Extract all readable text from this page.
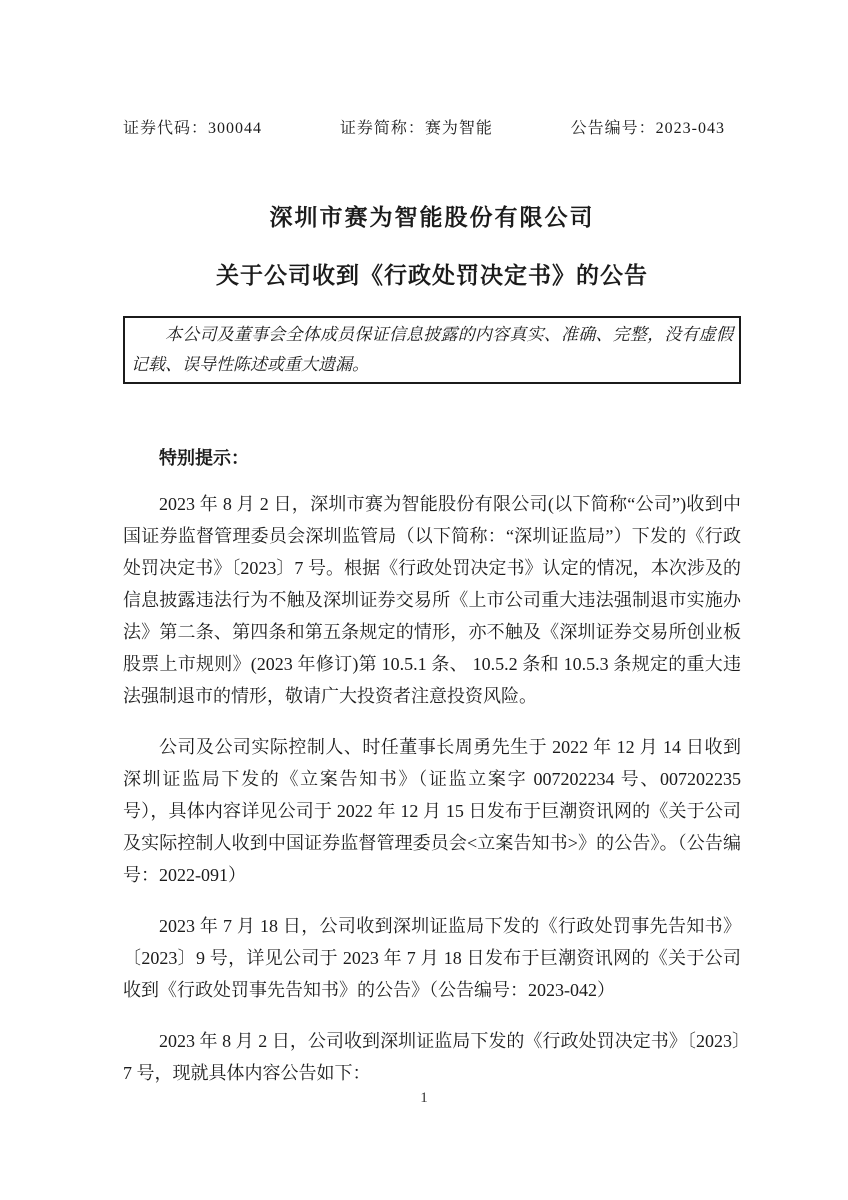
证券代码：300044	证券简称：赛为智能	公告编号：2023-043
深圳市赛为智能股份有限公司
关于公司收到《行政处罚决定书》的公告

本公司及董事会全体成员保证信息披露的内容真实、准确、完整，没有虚假记载、误导性陈述或重大遗漏。

特别提示：

2023 年 8 月 2 日，深圳市赛为智能股份有限公司(以下简称“公司”)收到中国证券监督管理委员会深圳监管局（以下简称：“深圳证监局”）下发的《行政处罚决定书》〔2023〕7 号。根据《行政处罚决定书》认定的情况，本次涉及的信息披露违法行为不触及深圳证券交易所《上市公司重大违法强制退市实施办法》第二条、第四条和第五条规定的情形，亦不触及《深圳证券交易所创业板股票上市规则》(2023 年修订)第 10.5.1 条、 10.5.2 条和 10.5.3 条规定的重大违法强制退市的情形，敬请广大投资者注意投资风险。

公司及公司实际控制人、时任董事长周勇先生于 2022 年 12 月 14 日收到深圳证监局下发的《立案告知书》（证监立案字 007202234 号、007202235 号），具体内容详见公司于 2022 年 12 月 15 日发布于巨潮资讯网的《关于公司及实际控制人收到中国证券监督管理委员会<立案告知书>》的公告》。（公告编号：2022-091）

2023 年 7 月 18 日，公司收到深圳证监局下发的《行政处罚事先告知书》〔2023〕9 号，详见公司于 2023 年 7 月 18 日发布于巨潮资讯网的《关于公司收到《行政处罚事先告知书》的公告》（公告编号：2023-042）

2023 年 8 月 2 日，公司收到深圳证监局下发的《行政处罚决定书》〔2023〕7 号，现就具体内容公告如下：

1
